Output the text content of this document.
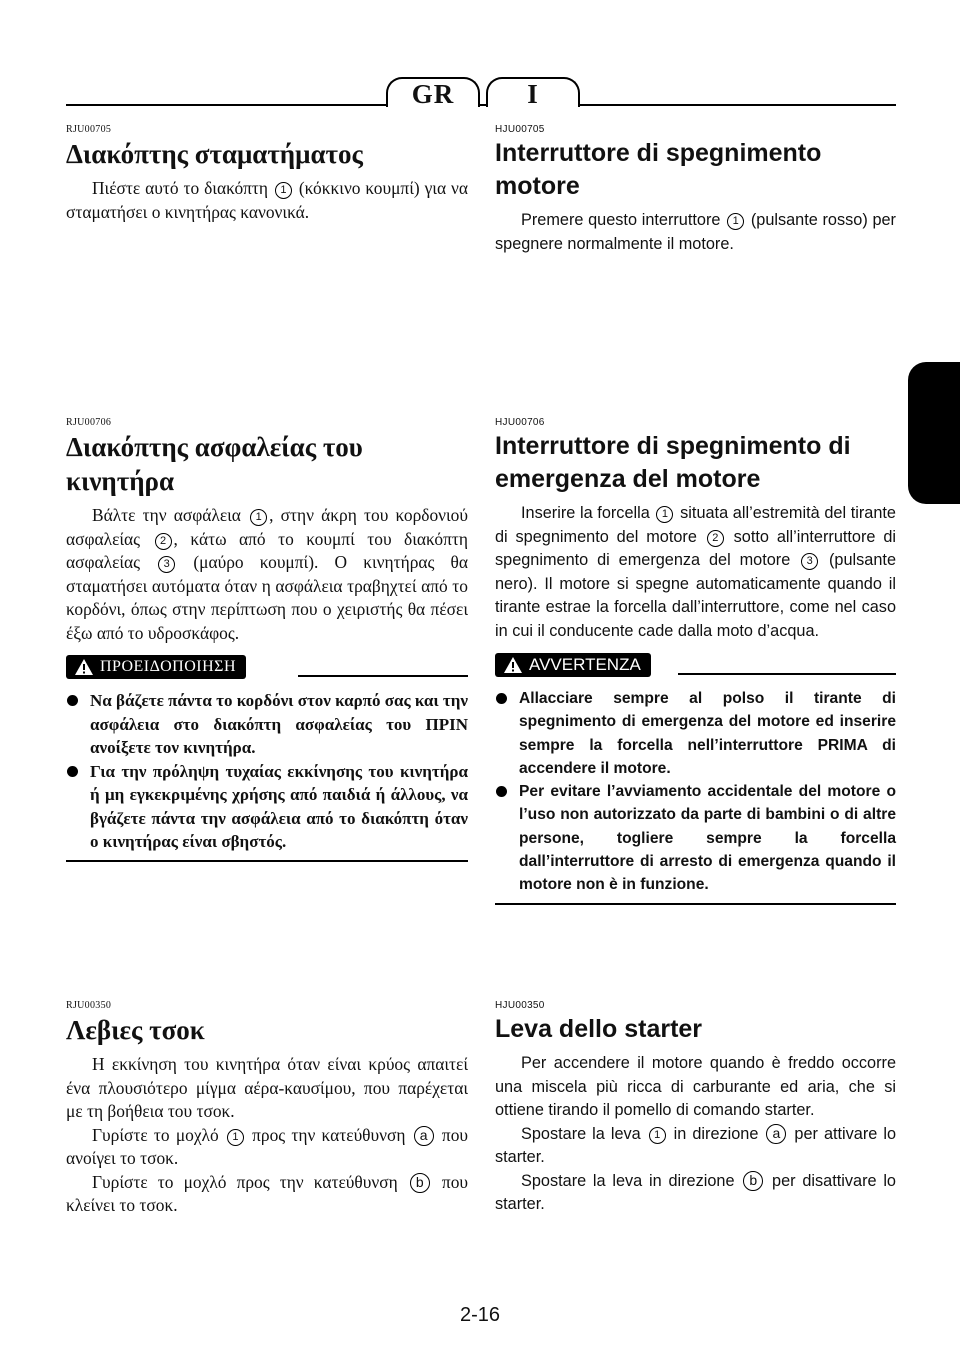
GR	I
RJU00705
Διακόπτης σταματήματος

Πιέστε αυτό το διακόπτη 1 (κόκκινο κουμπί) για να σταματήσει ο κινητήρας κανονικά.

HJU00705
Interruttore di spegnimento
motore

Premere questo interruttore 1 (pulsante rosso) per spegnere normalmente il motore.

RJU00706
Διακόπτης ασφαλείας του
κινητήρα

Βάλτε την ασφάλεια 1 , στην άκρη του κορδονιού ασφαλείας 2 , κάτω από το κουμπί του διακόπτη ασφαλείας 3 (μαύρο κουμπί). Ο κινητήρας θα σταματήσει αυτόματα όταν η ασφάλεια τραβηχτεί από το κορδόνι, όπως στην περίπτωση που ο χειριστής θα πέσει έξω από το υδροσκάφος.

ΠΡΟΕΙΔΟΠΟΙΗΣΗ
Να βάζετε πάντα το κορδόνι στον καρπό σας και την ασφάλεια στο διακόπτη ασφαλείας του ΠΡΙΝ ανοίξετε τον κινητήρα.
Για την πρόληψη τυχαίας εκκίνησης του κινητήρα ή μη εγκεκριμένης χρήσης από παιδιά ή άλλους, να βγάζετε πάντα την ασφάλεια από το διακόπτη όταν ο κινητήρας είναι σβηστός.
HJU00706
Interruttore di spegnimento di
emergenza del motore

Inserire la forcella 1 situata all’estremità del tirante di spegnimento del motore 2 sotto all’interruttore di spegnimento di emergenza del motore 3 (pulsante nero). Il motore si spegne automaticamente quando il tirante estrae la forcella dall’interruttore, come nel caso in cui il conducente cade dalla moto d’acqua.

AVVERTENZA
Allacciare sempre al polso il tirante di spegnimento di emergenza del motore ed inserire sempre la forcella nell’interruttore PRIMA di accendere il motore.
Per evitare l’avviamento accidentale del motore o l’uso non autorizzato da parte di bambini o di altre persone, togliere sempre la forcella dall’interruttore di arresto di emergenza quando il motore non è in funzione.
RJU00350
Λεβιες τσοκ

Η εκκίνηση του κινητήρα όταν είναι κρύος απαιτεί ένα πλουσιότερο μίγμα αέρα-καυσίμου, που παρέχεται με τη βοήθεια του τσοκ.

Γυρίστε το μοχλό 1 προς την κατεύθυνση a που ανοίγει το τσοκ.

Γυρίστε το μοχλό προς την κατεύθυνση b που κλείνει το τσοκ.

HJU00350
Leva dello starter

Per accendere il motore quando è freddo occorre una miscela più ricca di carburante ed aria, che si ottiene tirando il pomello di comando starter.

Spostare la leva 1 in direzione a per attivare lo starter.

Spostare la leva in direzione b per disattivare lo starter.

2-16
